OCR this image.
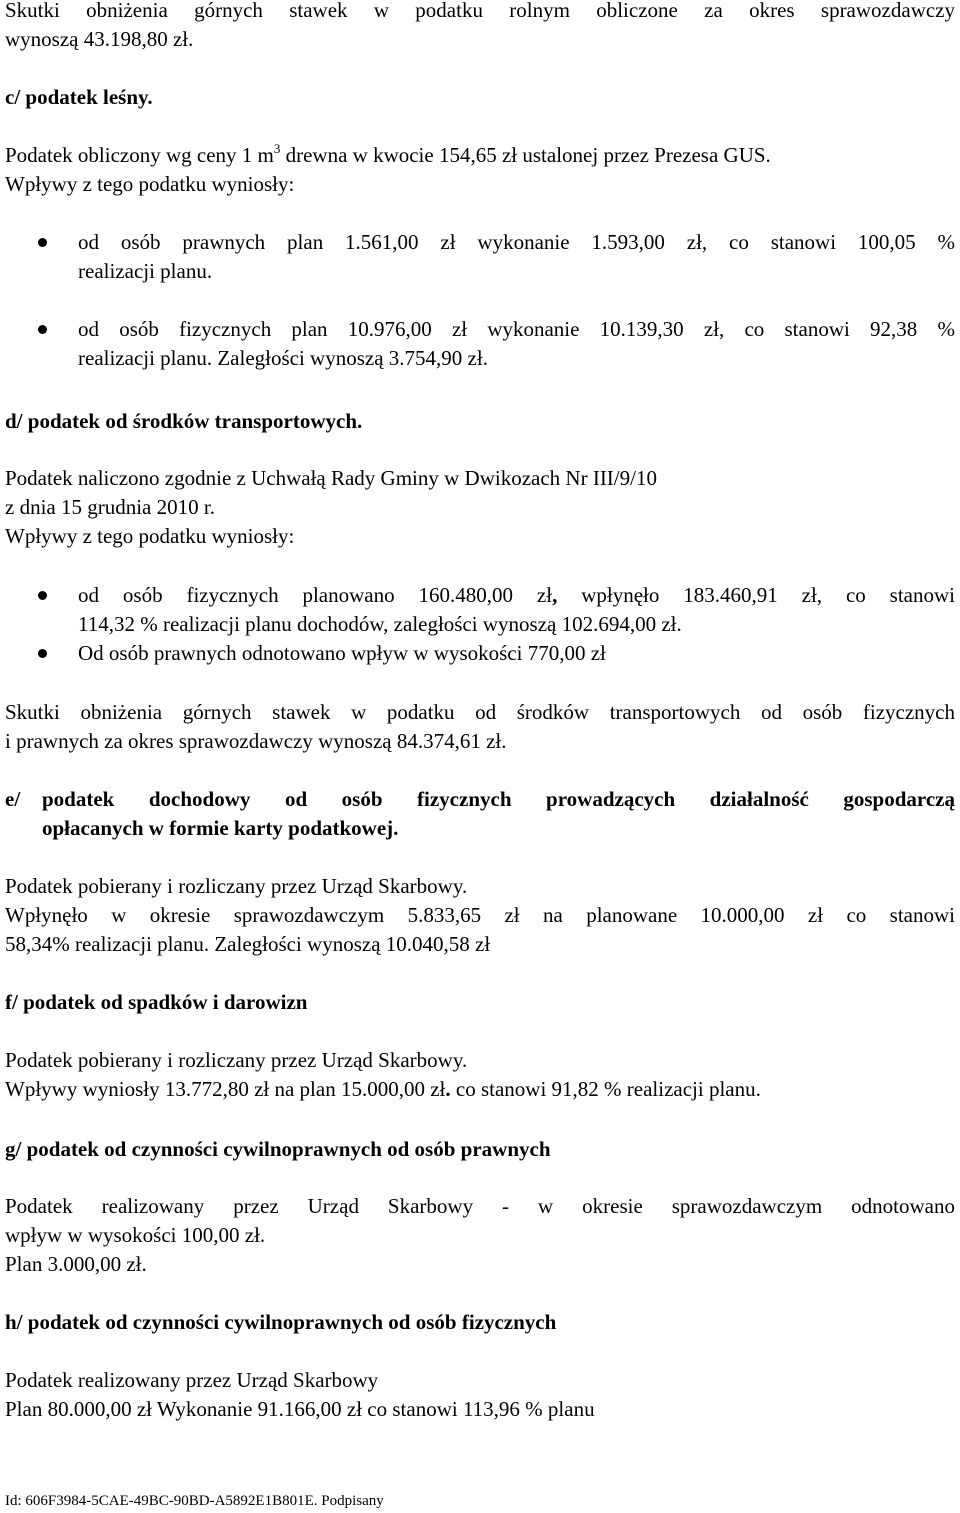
Skutki obniżenia górnych stawek w podatku rolnym obliczone za okres sprawozdawczy
wynoszą 43.198,80 zł.

c/ podatek leśny.

Podatek obliczony wg ceny 1 $m^3$ drewna w kwocie 154,65 zł ustalonej przez Prezesa GUS.
Wpływy z tego podatku wyniosły:

od osób prawnych plan 1.561,00 zł wykonanie 1.593,00 zł, co stanowi 100,05 %
realizacji planu.

od osób fizycznych plan 10.976,00 zł wykonanie 10.139,30 zł, co stanowi 92,38 %
realizacji planu. Zaległości wynoszą 3.754,90 zł.

d/ podatek od środków transportowych.

Podatek naliczono zgodnie z Uchwałą Rady Gminy w Dwikozach Nr III/9/10
z dnia 15 grudnia 2010 r.
Wpływy z tego podatku wyniosły:

od osób fizycznych planowano 160.480,00 zł, wpłynęło 183.460,91 zł, co stanowi
114,32 % realizacji planu dochodów, zaległości wynoszą 102.694,00 zł.

Od osób prawnych odnotowano wpływ w wysokości 770,00 zł

Skutki obniżenia górnych stawek w podatku od środków transportowych od osób fizycznych
i prawnych za okres sprawozdawczy wynoszą 84.374,61 zł.

e/	podatek dochodowy od osób fizycznych prowadzących działalność gospodarczą
opłacanych w formie karty podatkowej.

Podatek pobierany i rozliczany przez Urząd Skarbowy.
Wpłynęło w okresie sprawozdawczym 5.833,65 zł na planowane 10.000,00 zł co stanowi
58,34% realizacji planu. Zaległości wynoszą 10.040,58 zł

f/ podatek od spadków i darowizn

Podatek pobierany i rozliczany przez Urząd Skarbowy.
Wpływy wyniosły 13.772,80 zł na plan 15.000,00 zł. co stanowi 91,82 % realizacji planu.

g/ podatek od czynności cywilnoprawnych od osób prawnych

Podatek realizowany przez Urząd Skarbowy - w okresie sprawozdawczym odnotowano
wpływ w wysokości 100,00 zł.
Plan 3.000,00 zł.

h/ podatek od czynności cywilnoprawnych od osób fizycznych

Podatek realizowany przez Urząd Skarbowy
Plan 80.000,00 zł Wykonanie 91.166,00 zł co stanowi 113,96 % planu

Id: 606F3984-5CAE-49BC-90BD-A5892E1B801E. Podpisany
